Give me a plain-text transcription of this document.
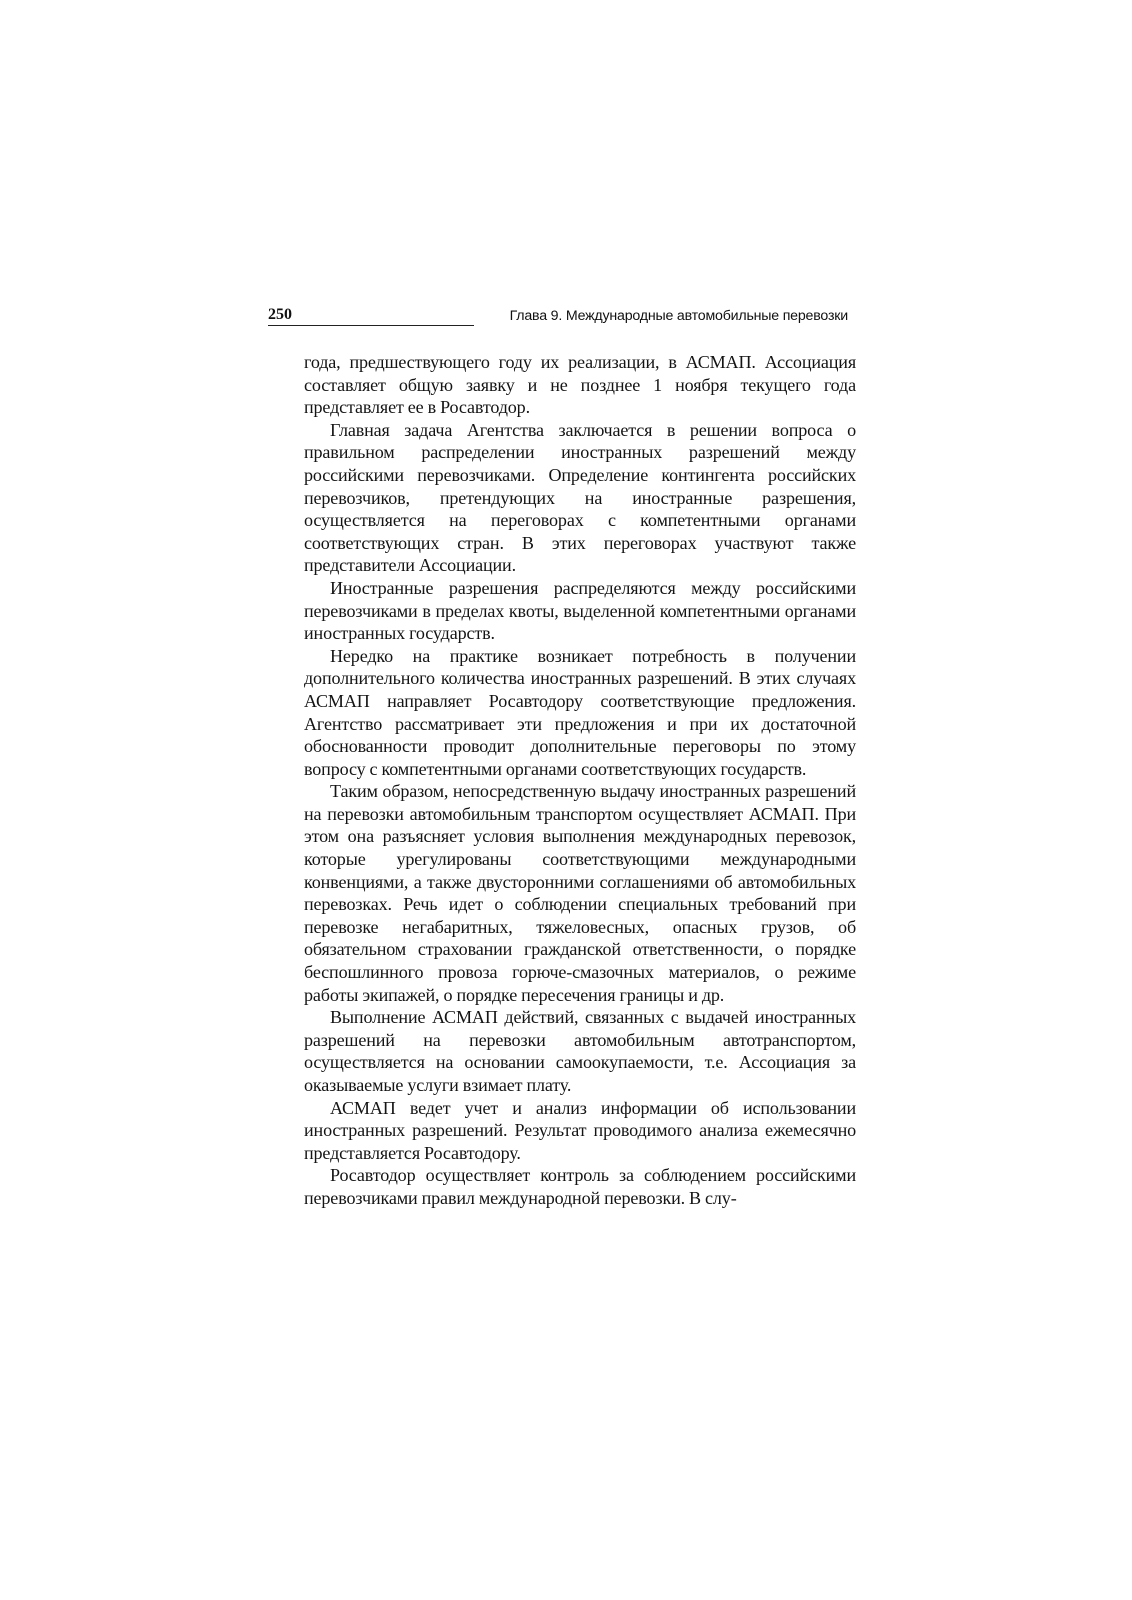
250	Глава 9. Международные автомобильные перевозки

года, предшествующего году их реализации, в АСМАП. Ассоциация составляет общую заявку и не позднее 1 ноября текущего года представляет ее в Росавтодор.

Главная задача Агентства заключается в решении вопроса о правильном распределении иностранных разрешений между российскими перевозчиками. Определение контингента российских перевозчиков, претендующих на иностранные разрешения, осуществляется на переговорах с компетентными органами соответствующих стран. В этих переговорах участвуют также представители Ассоциации.

Иностранные разрешения распределяются между российскими перевозчиками в пределах квоты, выделенной компетентными органами иностранных государств.

Нередко на практике возникает потребность в получении дополнительного количества иностранных разрешений. В этих случаях АСМАП направляет Росавтодору соответствующие предложения. Агентство рассматривает эти предложения и при их достаточной обоснованности проводит дополнительные переговоры по этому вопросу с компетентными органами соответствующих государств.

Таким образом, непосредственную выдачу иностранных разрешений на перевозки автомобильным транспортом осуществляет АСМАП. При этом она разъясняет условия выполнения международных перевозок, которые урегулированы соответствующими международными конвенциями, а также двусторонними соглашениями об автомобильных перевозках. Речь идет о соблюдении специальных требований при перевозке негабаритных, тяжеловесных, опасных грузов, об обязательном страховании гражданской ответственности, о порядке беспошлинного провоза горюче-смазочных материалов, о режиме работы экипажей, о порядке пересечения границы и др.

Выполнение АСМАП действий, связанных с выдачей иностранных разрешений на перевозки автомобильным автотранспортом, осуществляется на основании самоокупаемости, т.е. Ассоциация за оказываемые услуги взимает плату.

АСМАП ведет учет и анализ информации об использовании иностранных разрешений. Результат проводимого анализа ежемесячно представляется Росавтодору.

Росавтодор осуществляет контроль за соблюдением российскими перевозчиками правил международной перевозки. В слу-
